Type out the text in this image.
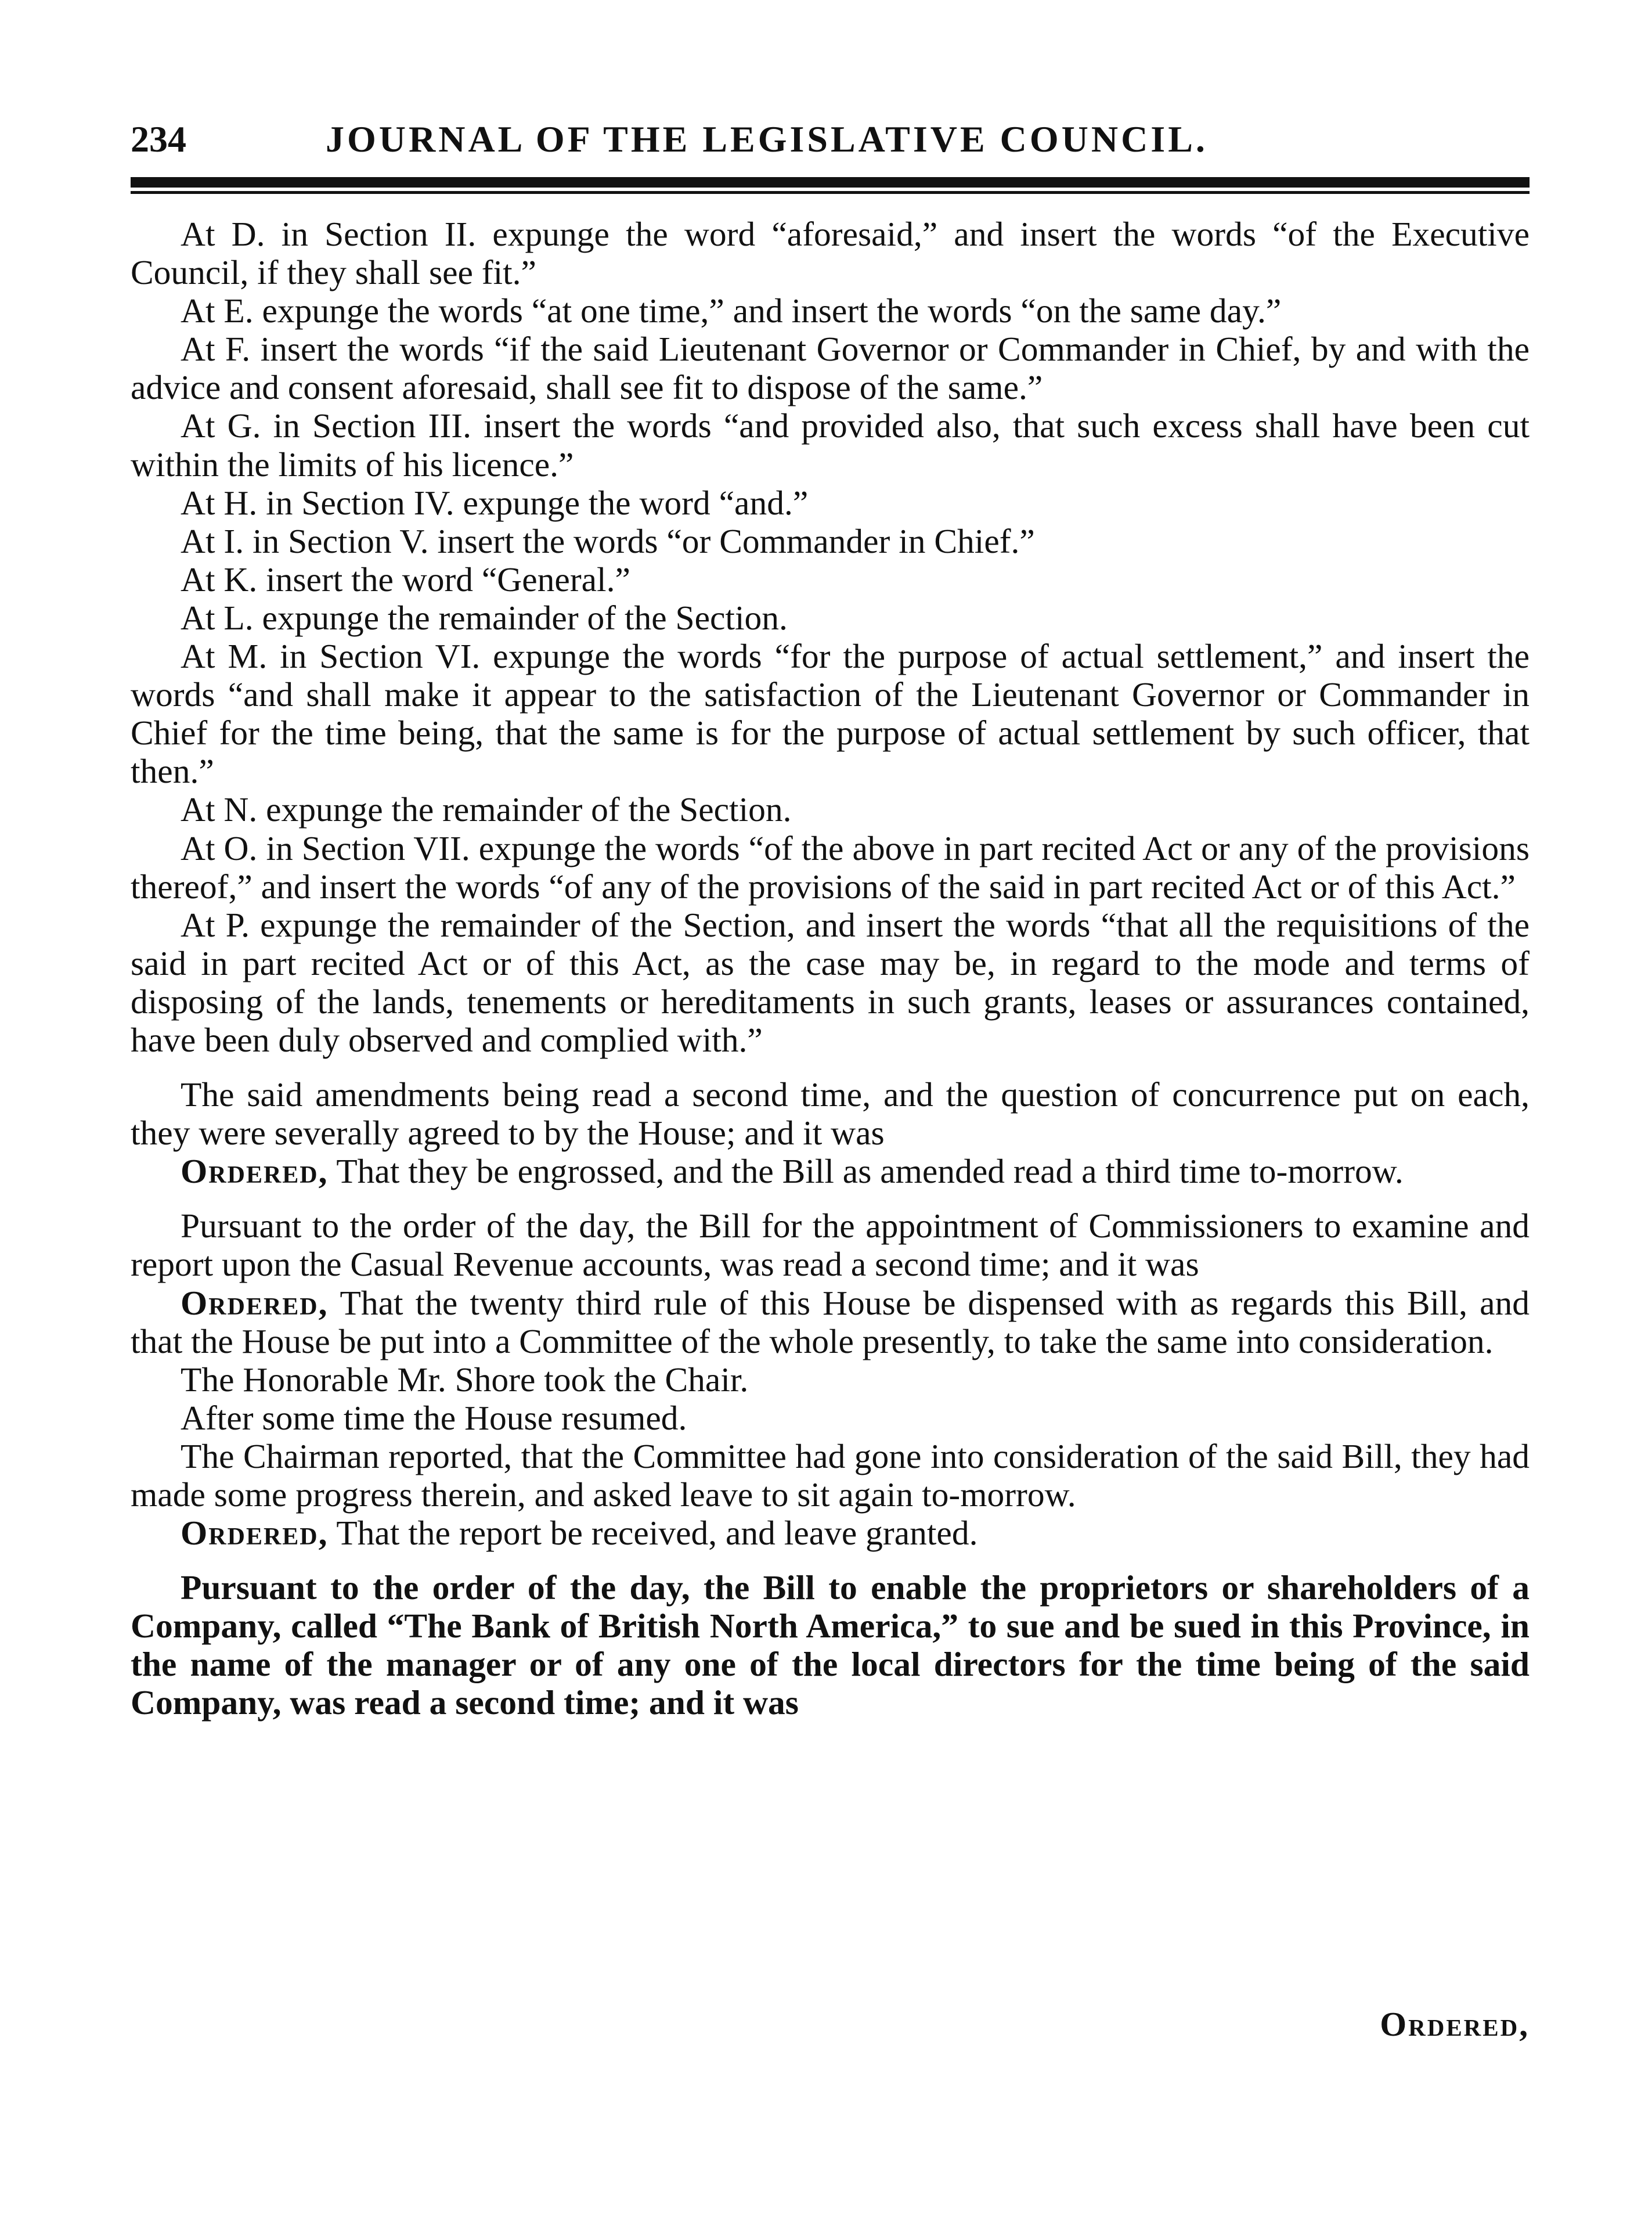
234	JOURNAL OF THE LEGISLATIVE COUNCIL.

At D. in Section II. expunge the word “aforesaid,” and insert the words “of the Executive Council, if they shall see fit.”

At E. expunge the words “at one time,” and insert the words “on the same day.”

At F. insert the words “if the said Lieutenant Governor or Commander in Chief, by and with the advice and consent aforesaid, shall see fit to dispose of the same.”

At G. in Section III. insert the words “and provided also, that such excess shall have been cut within the limits of his licence.”

At H. in Section IV. expunge the word “and.”

At I. in Section V. insert the words “or Commander in Chief.”

At K. insert the word “General.”

At L. expunge the remainder of the Section.

At M. in Section VI. expunge the words “for the purpose of actual settlement,” and insert the words “and shall make it appear to the satisfaction of the Lieutenant Governor or Commander in Chief for the time being, that the same is for the purpose of actual settlement by such officer, that then.”

At N. expunge the remainder of the Section.

At O. in Section VII. expunge the words “of the above in part recited Act or any of the provisions thereof,” and insert the words “of any of the provisions of the said in part recited Act or of this Act.”

At P. expunge the remainder of the Section, and insert the words “that all the requisitions of the said in part recited Act or of this Act, as the case may be, in regard to the mode and terms of disposing of the lands, tenements or hereditaments in such grants, leases or assurances contained, have been duly observed and complied with.”

The said amendments being read a second time, and the question of concurrence put on each, they were severally agreed to by the House; and it was

Ordered, That they be engrossed, and the Bill as amended read a third time to-morrow.

Pursuant to the order of the day, the Bill for the appointment of Commissioners to examine and report upon the Casual Revenue accounts, was read a second time; and it was

Ordered, That the twenty third rule of this House be dispensed with as regards this Bill, and that the House be put into a Committee of the whole presently, to take the same into consideration.

The Honorable Mr. Shore took the Chair.

After some time the House resumed.

The Chairman reported, that the Committee had gone into consideration of the said Bill, they had made some progress therein, and asked leave to sit again to-morrow.

Ordered, That the report be received, and leave granted.

Pursuant to the order of the day, the Bill to enable the proprietors or shareholders of a Company, called “The Bank of British North America,” to sue and be sued in this Province, in the name of the manager or of any one of the local directors for the time being of the said Company, was read a second time; and it was

Ordered,
